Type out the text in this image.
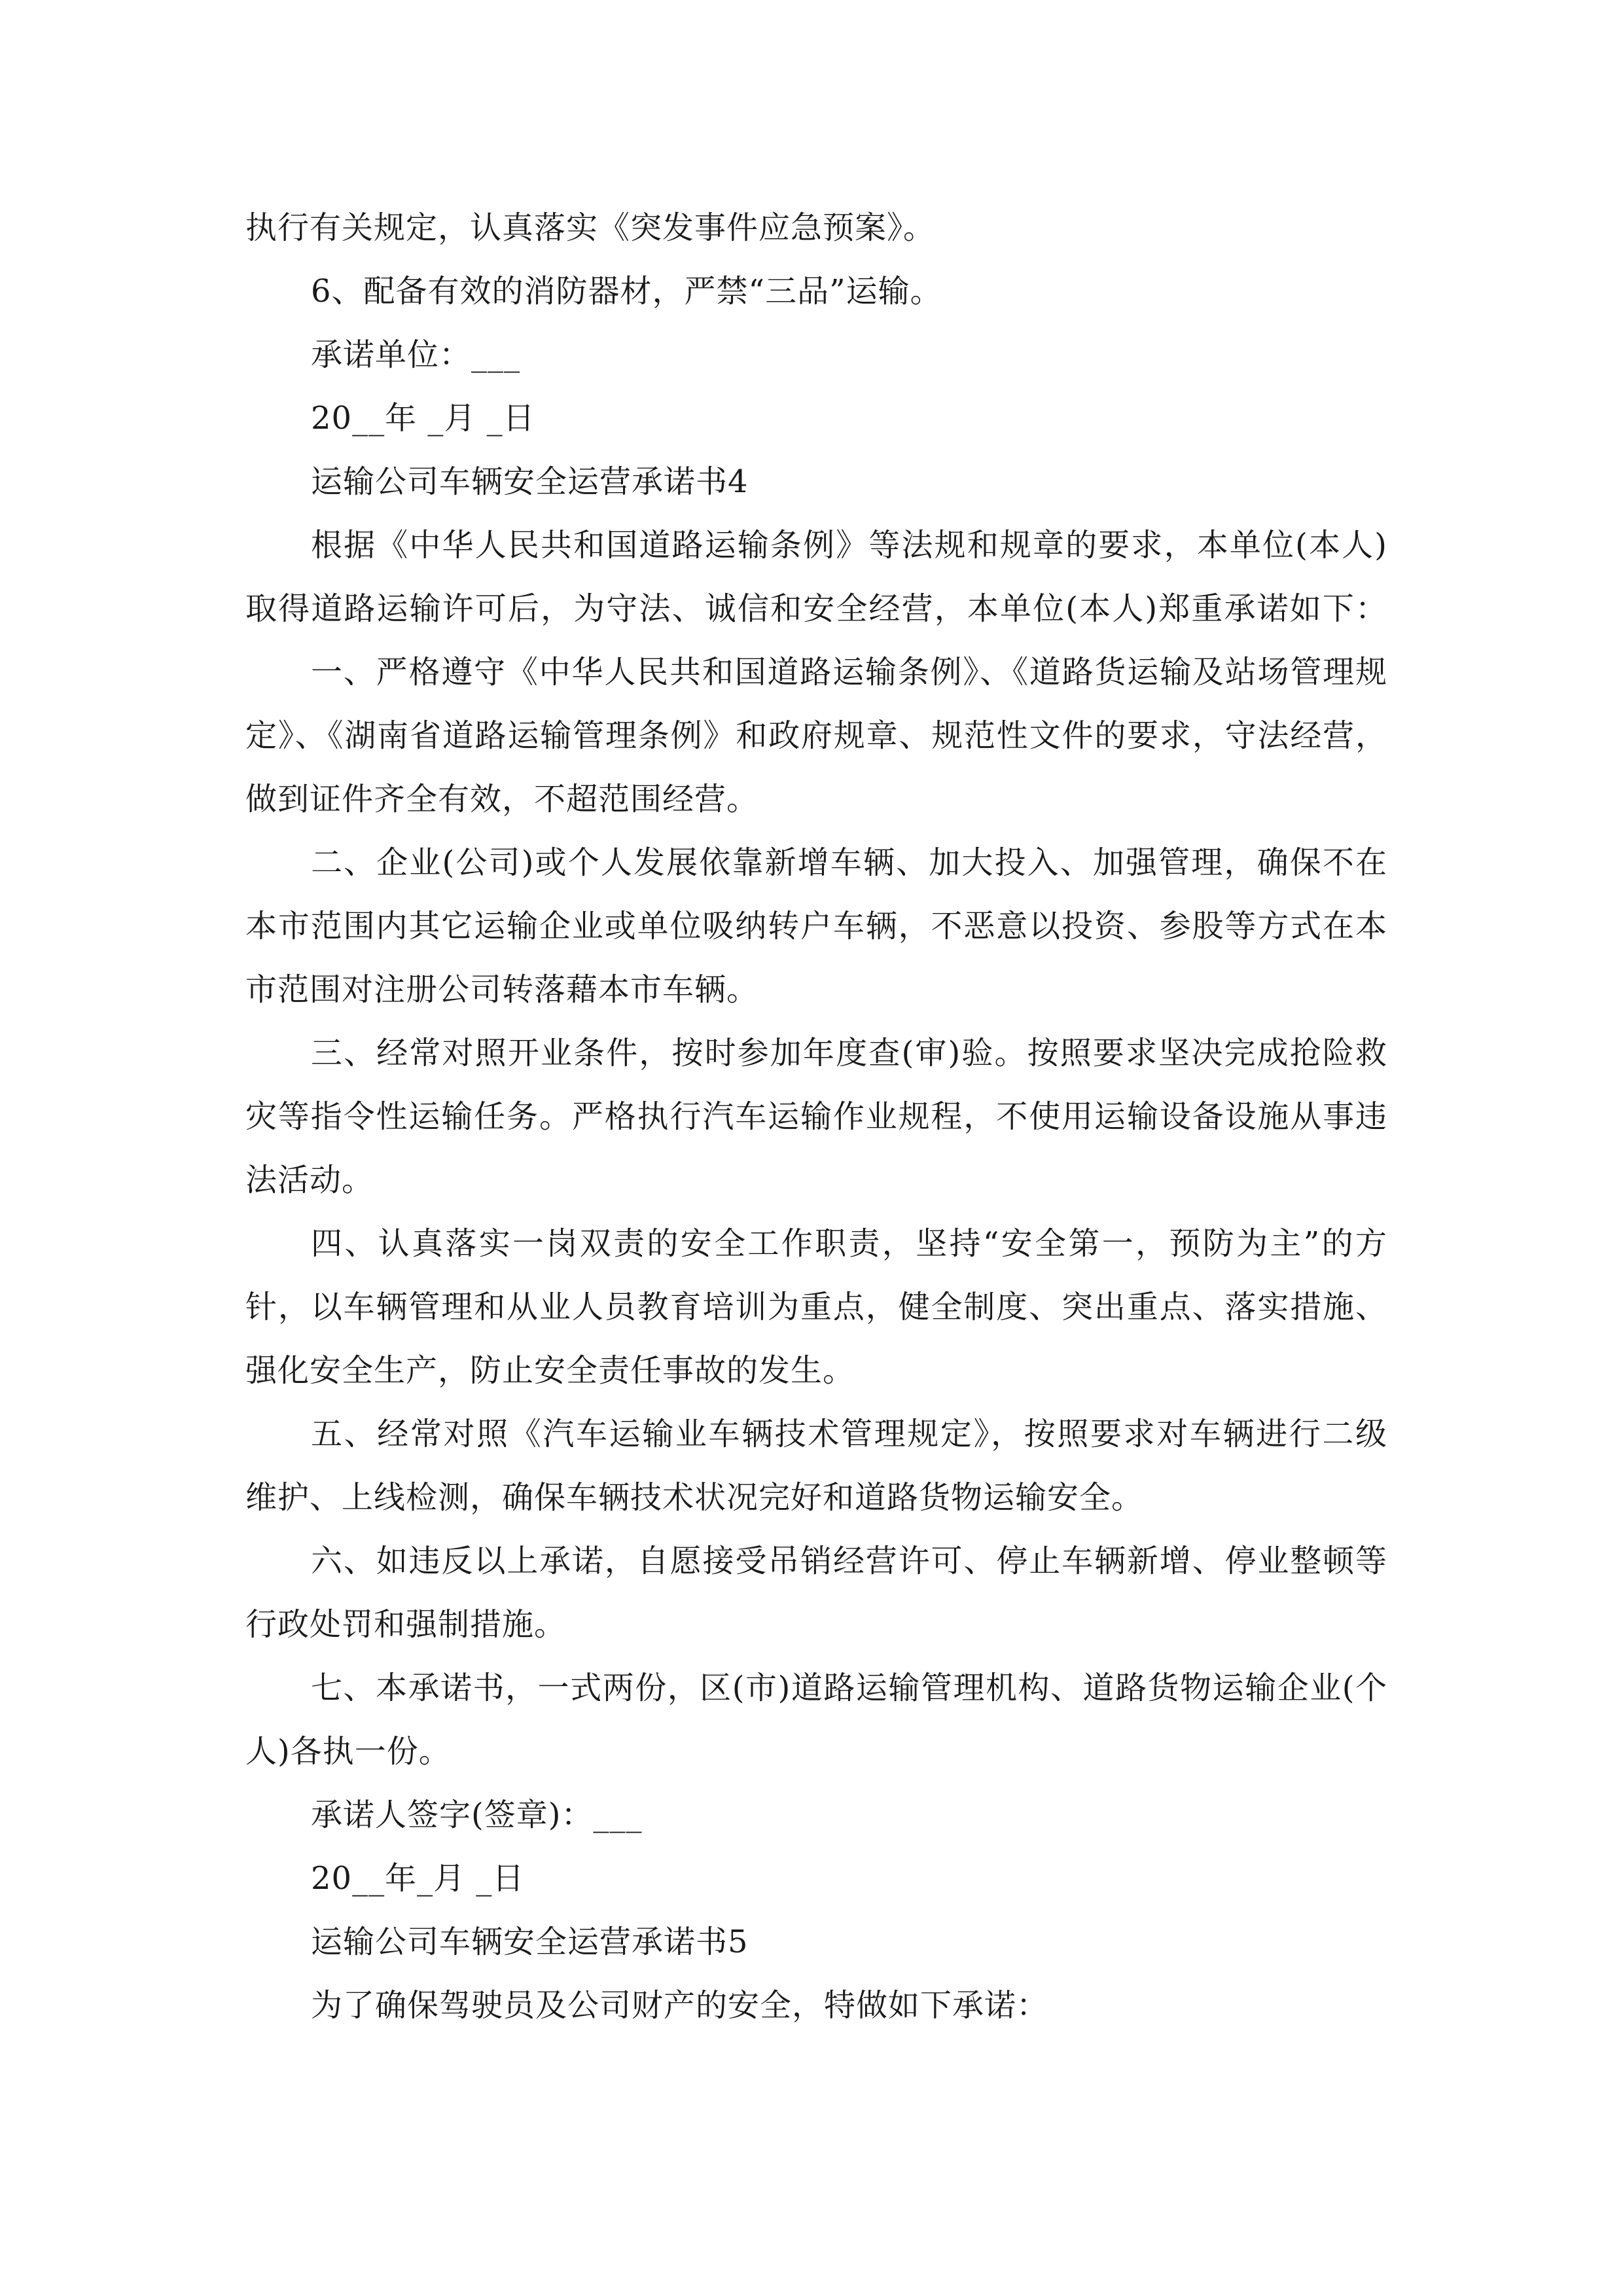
执行有关规定，认真落实《突发事件应急预案》。
6、配备有效的消防器材，严禁“三品”运输。
承诺单位：___
20__年 _月 _日
运输公司车辆安全运营承诺书4
根据《中华人民共和国道路运输条例》等法规和规章的要求，本单位(本人)
取得道路运输许可后，为守法、诚信和安全经营，本单位(本人)郑重承诺如下：
一、严格遵守《中华人民共和国道路运输条例》、《道路货运输及站场管理规
定》、《湖南省道路运输管理条例》和政府规章、规范性文件的要求，守法经营，
做到证件齐全有效，不超范围经营。
二、企业(公司)或个人发展依靠新增车辆、加大投入、加强管理，确保不在
本市范围内其它运输企业或单位吸纳转户车辆，不恶意以投资、参股等方式在本
市范围对注册公司转落藉本市车辆。
三、经常对照开业条件，按时参加年度查(审)验。按照要求坚决完成抢险救
灾等指令性运输任务。严格执行汽车运输作业规程，不使用运输设备设施从事违
法活动。
四、认真落实一岗双责的安全工作职责，坚持“安全第一，预防为主”的方
针，以车辆管理和从业人员教育培训为重点，健全制度、突出重点、落实措施、
强化安全生产，防止安全责任事故的发生。
五、经常对照《汽车运输业车辆技术管理规定》，按照要求对车辆进行二级
维护、上线检测，确保车辆技术状况完好和道路货物运输安全。
六、如违反以上承诺，自愿接受吊销经营许可、停止车辆新增、停业整顿等
行政处罚和强制措施。
七、本承诺书，一式两份，区(市)道路运输管理机构、道路货物运输企业(个
人)各执一份。
承诺人签字(签章)：___
20__年_月 _日
运输公司车辆安全运营承诺书5
为了确保驾驶员及公司财产的安全，特做如下承诺：
